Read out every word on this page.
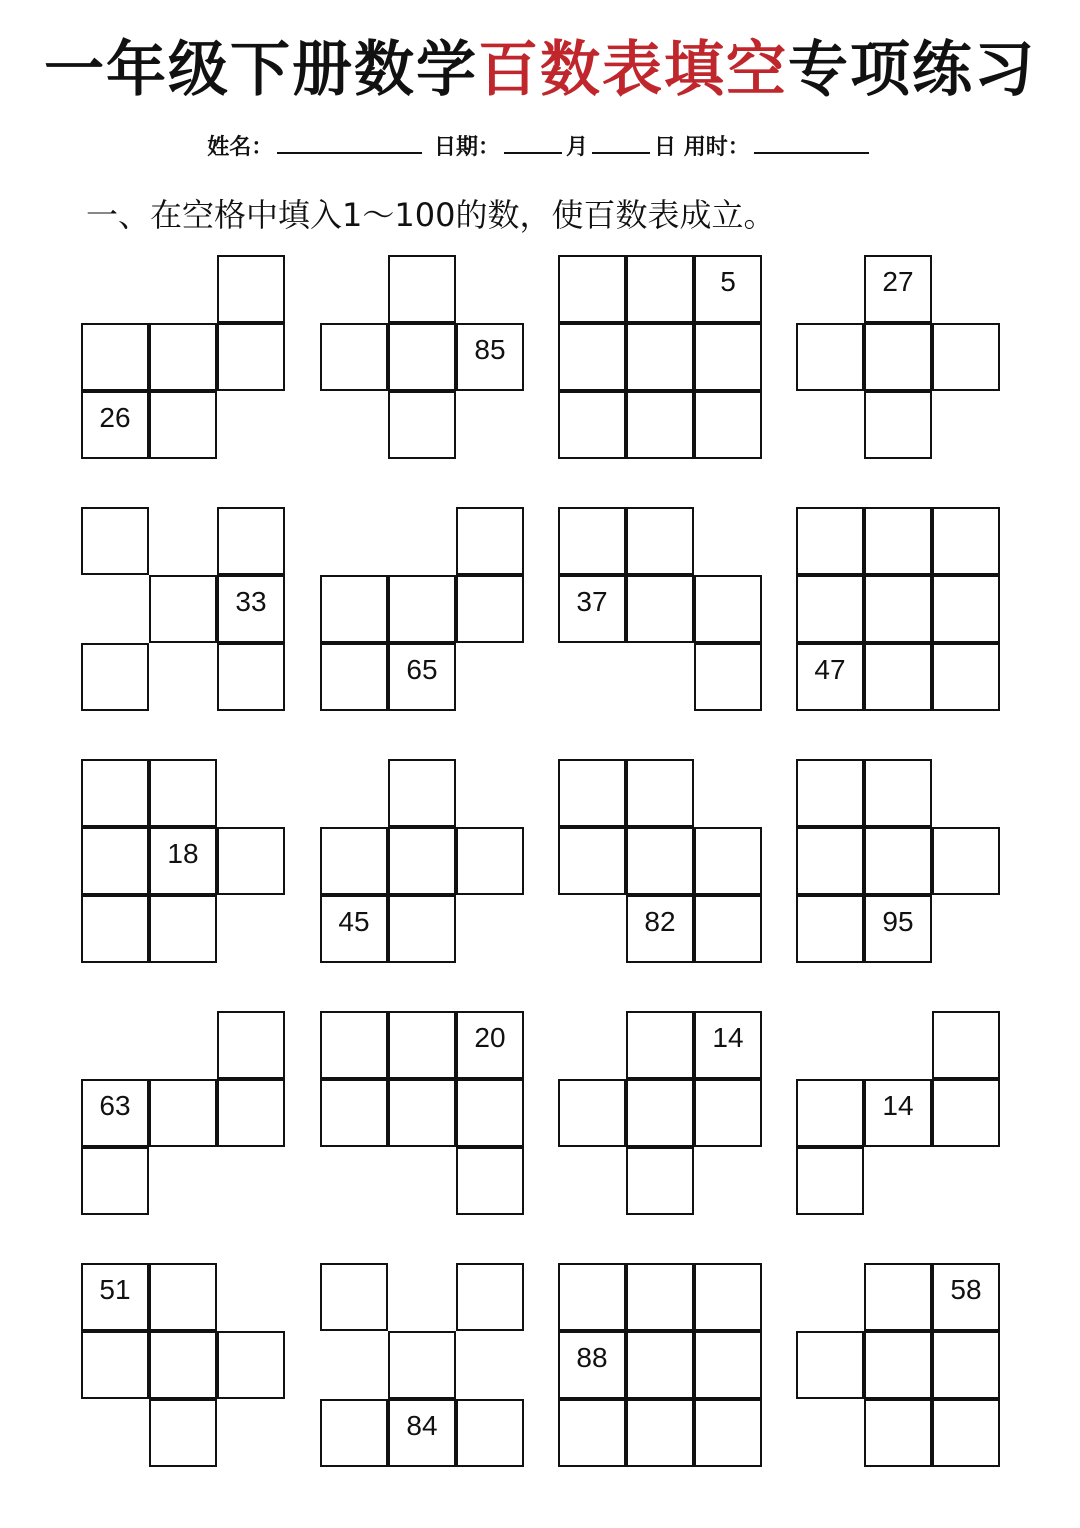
一年级下册数学百数表填空专项练习
姓名：	日期：	月	日 用时：
一、在空格中填入1～100的数，使百数表成立。
26
85
5	27
33
65
37
47
18
45	82	95
63
20	14
14
51
84
88
58
